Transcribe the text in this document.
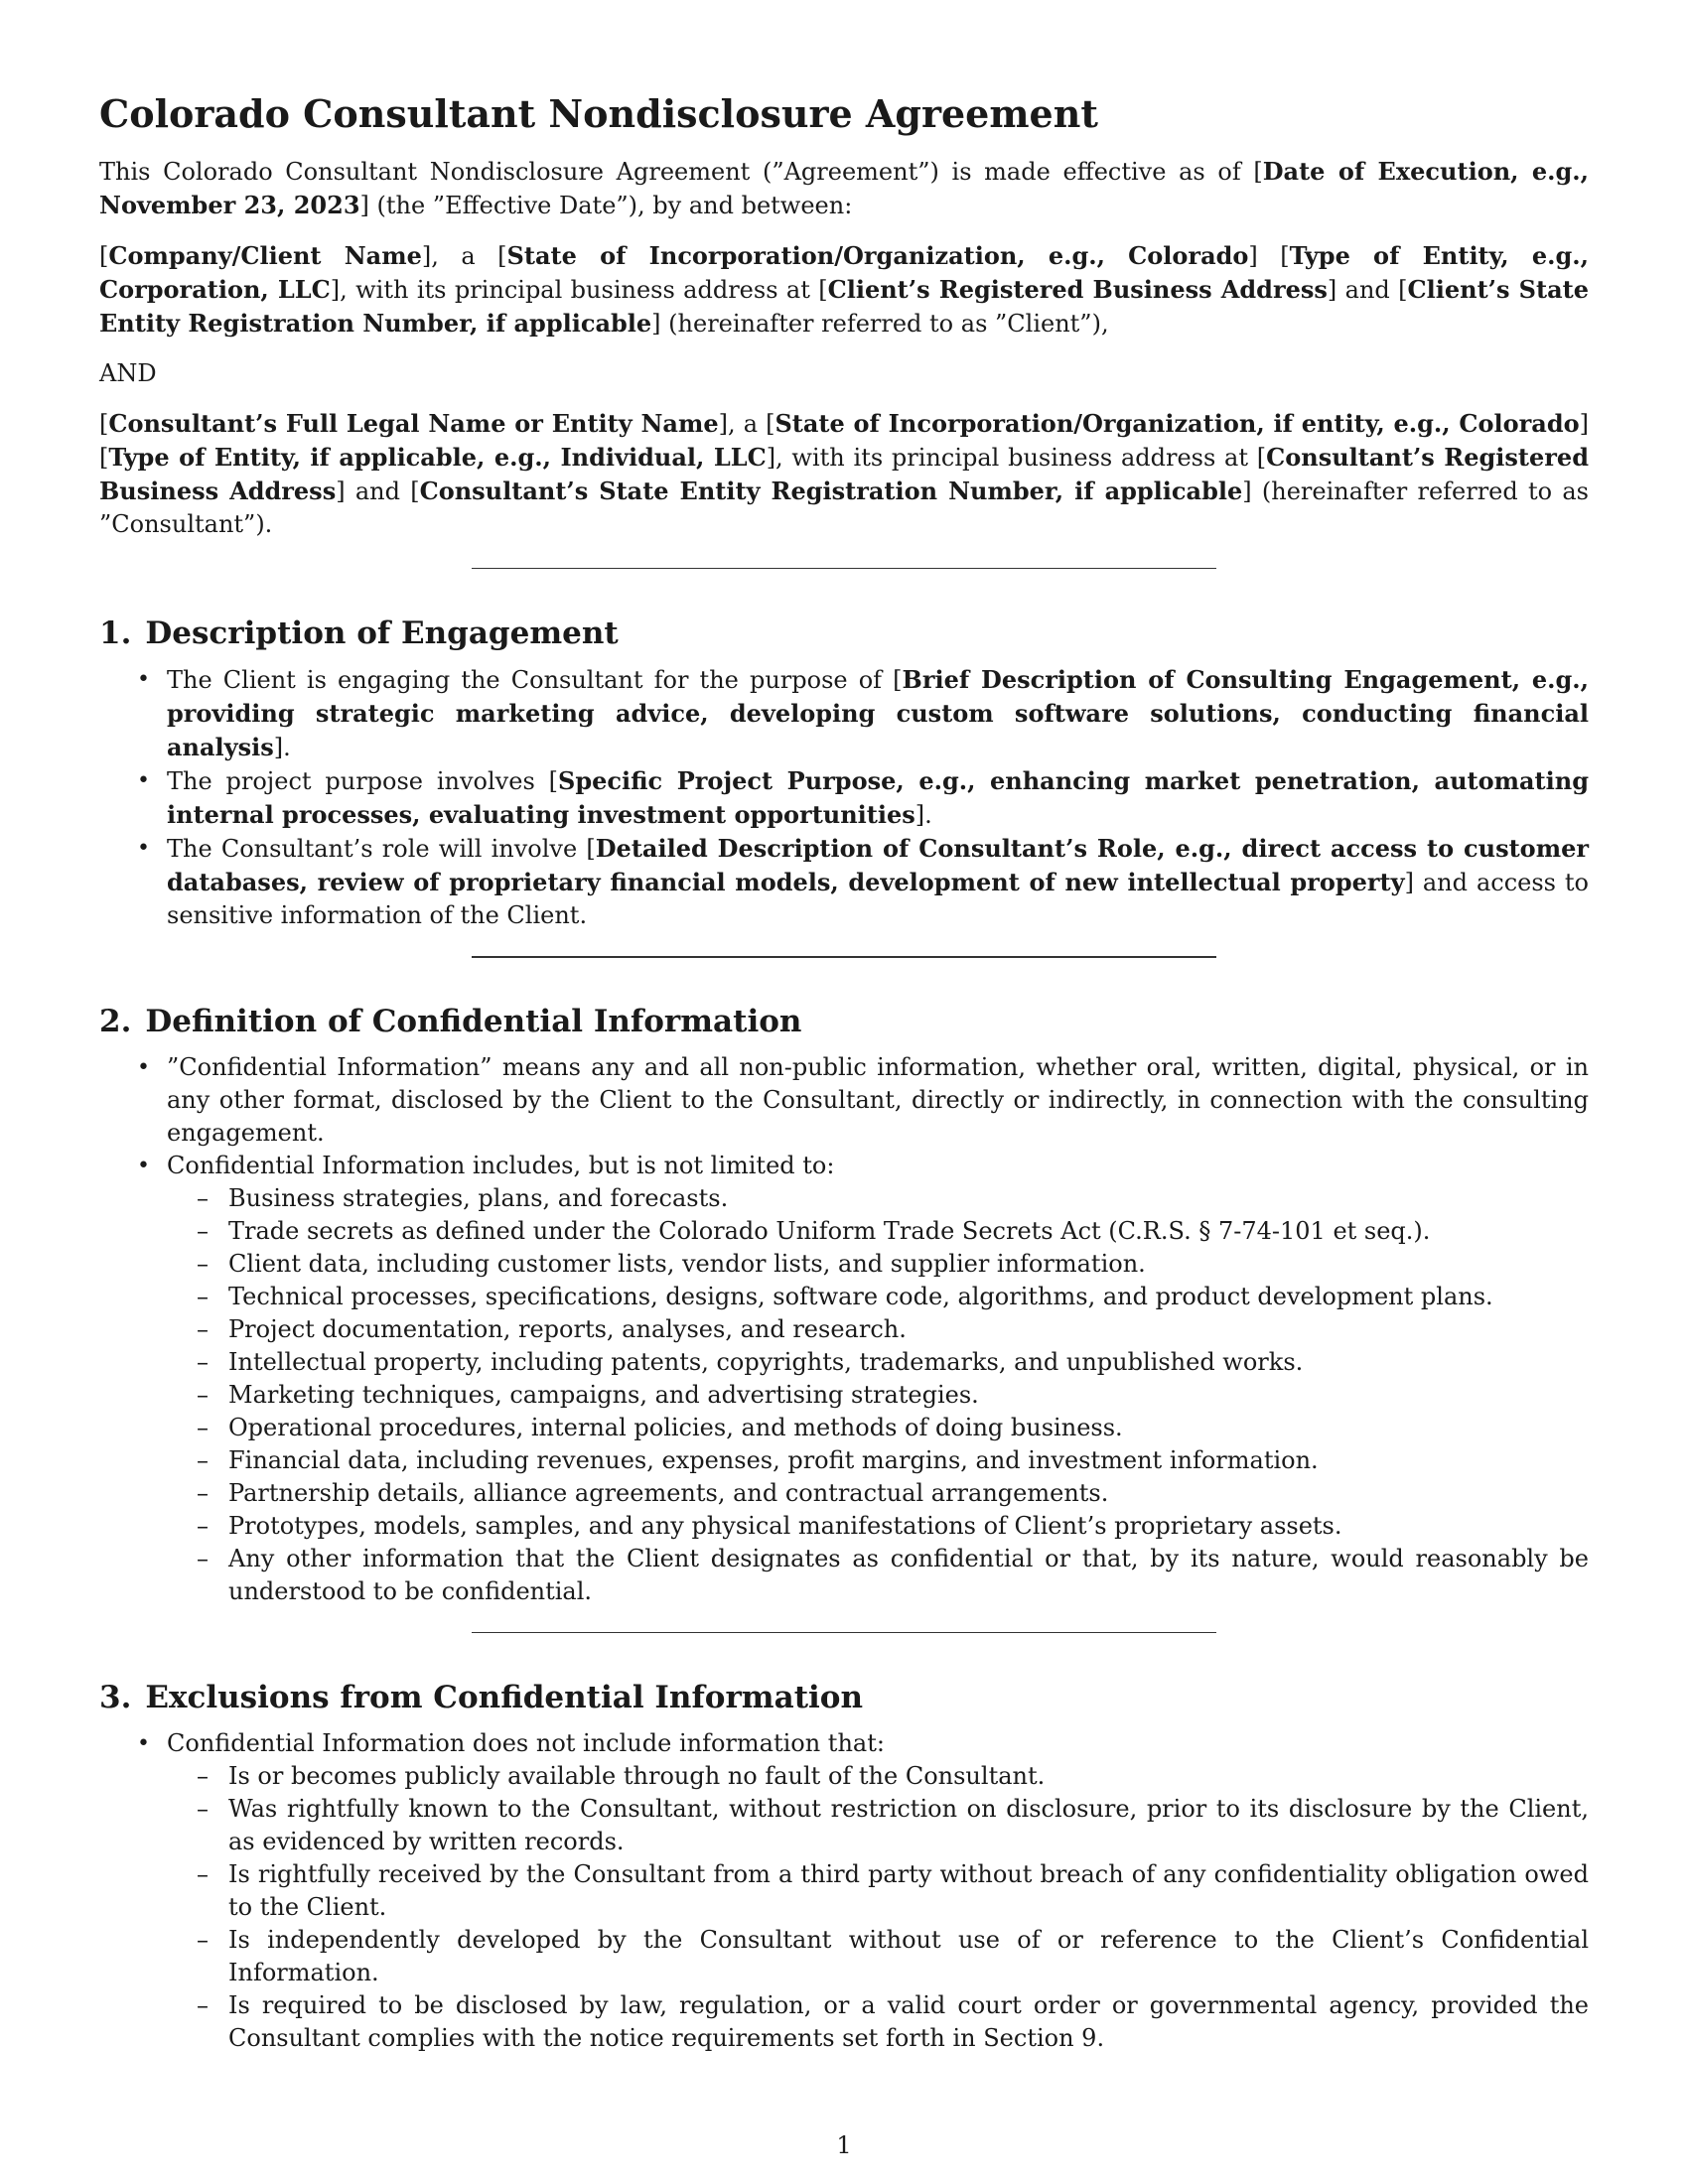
Colorado Consultant Nondisclosure Agreement

This Colorado Consultant Nondisclosure Agreement (”Agreement”) is made effective as of [Date of Execution, e.g., November 23, 2023] (the ”Effective Date”), by and between:

[Company/Client Name], a [State of Incorporation/Organization, e.g., Colorado] [Type of Entity, e.g., Corporation, LLC], with its principal business address at [Client’s Registered Business Address] and [Client’s State Entity Registration Number, if applicable] (hereinafter referred to as ”Client”),

AND

[Consultant’s Full Legal Name or Entity Name], a [State of Incorporation/Organization, if entity, e.g., Colorado] [Type of Entity, if applicable, e.g., Individual, LLC], with its principal business address at [Consultant’s Registered Business Address] and [Consultant’s State Entity Registration Number, if applicable] (hereinafter referred to as ”Consultant”).

1. Description of Engagement
• The Client is engaging the Consultant for the purpose of [Brief Description of Consulting Engagement, e.g., providing strategic marketing advice, developing custom software solutions, conducting financial analysis].
• The project purpose involves [Specific Project Purpose, e.g., enhancing market penetration, automating internal processes, evaluating investment opportunities].
• The Consultant’s role will involve [Detailed Description of Consultant’s Role, e.g., direct access to customer databases, review of proprietary financial models, development of new intellectual property] and access to sensitive information of the Client.
2. Definition of Confidential Information
• ”Confidential Information” means any and all non-public information, whether oral, written, digital, physical, or in any other format, disclosed by the Client to the Consultant, directly or indirectly, in connection with the consulting engagement.
• Confidential Information includes, but is not limited to:
– Business strategies, plans, and forecasts.
– Trade secrets as defined under the Colorado Uniform Trade Secrets Act (C.R.S. § 7-74-101 et seq.).
– Client data, including customer lists, vendor lists, and supplier information.
– Technical processes, specifications, designs, software code, algorithms, and product development plans.
– Project documentation, reports, analyses, and research.
– Intellectual property, including patents, copyrights, trademarks, and unpublished works.
– Marketing techniques, campaigns, and advertising strategies.
– Operational procedures, internal policies, and methods of doing business.
– Financial data, including revenues, expenses, profit margins, and investment information.
– Partnership details, alliance agreements, and contractual arrangements.
– Prototypes, models, samples, and any physical manifestations of Client’s proprietary assets.
– Any other information that the Client designates as confidential or that, by its nature, would reasonably be understood to be confidential.
3. Exclusions from Confidential Information
• Confidential Information does not include information that:
– Is or becomes publicly available through no fault of the Consultant.
– Was rightfully known to the Consultant, without restriction on disclosure, prior to its disclosure by the Client, as evidenced by written records.
– Is rightfully received by the Consultant from a third party without breach of any confidentiality obligation owed to the Client.
– Is independently developed by the Consultant without use of or reference to the Client’s Confidential Information.
– Is required to be disclosed by law, regulation, or a valid court order or governmental agency, provided the Consultant complies with the notice requirements set forth in Section 9.
1
